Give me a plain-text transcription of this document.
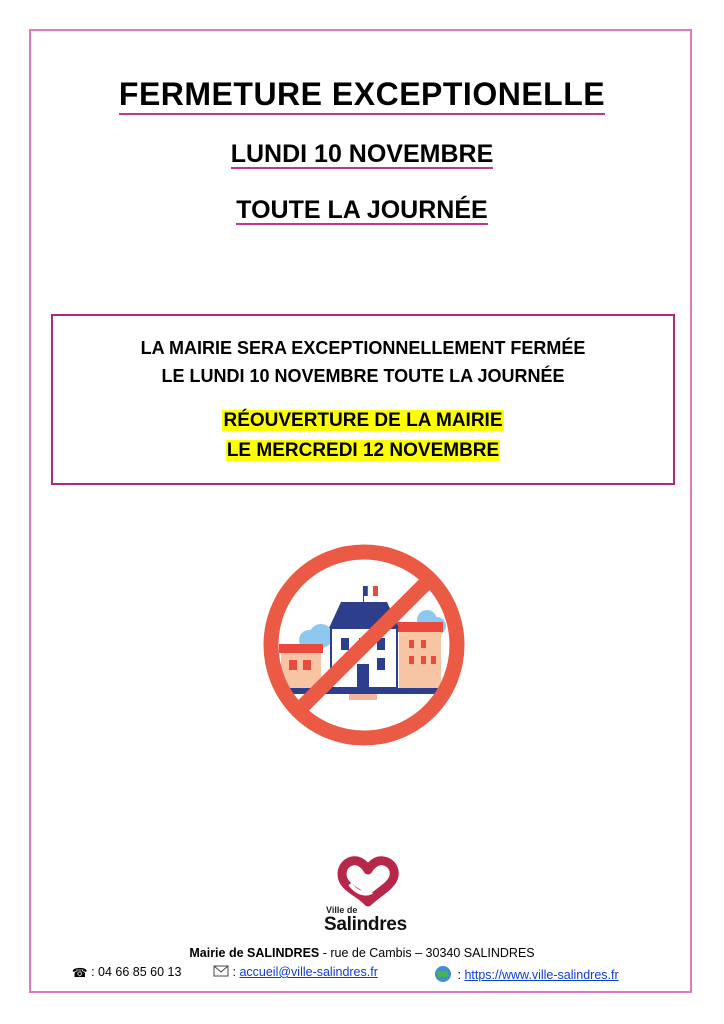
FERMETURE EXCEPTIONELLE
LUNDI 10 NOVEMBRE
TOUTE LA JOURNÉE
LA MAIRIE SERA EXCEPTIONNELLEMENT FERMÉE
LE LUNDI 10 NOVEMBRE TOUTE LA JOURNÉE
RÉOUVERTURE DE LA MAIRIE
LE MERCREDI 12 NOVEMBRE
Ville de
Salindres
Mairie de SALINDRES - rue de Cambis – 30340 SALINDRES
☎ : 04 66 85 60 13	: accueil@ville-salindres.fr	: https://www.ville-salindres.fr
